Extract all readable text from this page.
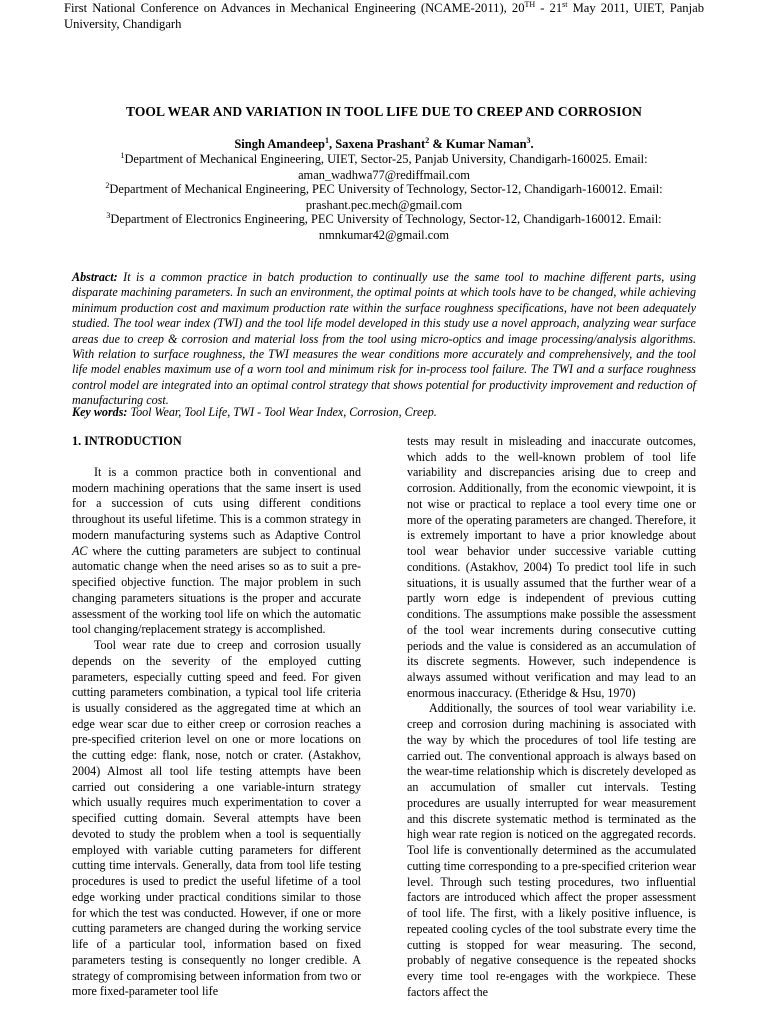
First National Conference on Advances in Mechanical Engineering (NCAME-2011), 20TH - 21st May 2011, UIET, Panjab University, Chandigarh
TOOL WEAR AND VARIATION IN TOOL LIFE DUE TO CREEP AND CORROSION
Singh Amandeep$^1$, Saxena Prashant$^2$ & Kumar Naman$^3$.
$^1$Department of Mechanical Engineering, UIET, Sector-25, Panjab University, Chandigarh-160025. Email:
aman_wadhwa77@rediffmail.com
$^2$Department of Mechanical Engineering, PEC University of Technology, Sector-12, Chandigarh-160012. Email:
prashant.pec.mech@gmail.com
$^3$Department of Electronics Engineering, PEC University of Technology, Sector-12, Chandigarh-160012. Email:
nmnkumar42@gmail.com
Abstract: It is a common practice in batch production to continually use the same tool to machine different parts, using disparate machining parameters. In such an environment, the optimal points at which tools have to be changed, while achieving minimum production cost and maximum production rate within the surface roughness specifications, have not been adequately studied. The tool wear index (TWI) and the tool life model developed in this study use a novel approach, analyzing wear surface areas due to creep & corrosion and material loss from the tool using micro-optics and image processing/analysis algorithms. With relation to surface roughness, the TWI measures the wear conditions more accurately and comprehensively, and the tool life model enables maximum use of a worn tool and minimum risk for in-process tool failure. The TWI and a surface roughness control model are integrated into an optimal control strategy that shows potential for productivity improvement and reduction of manufacturing cost.
Key words: Tool Wear, Tool Life, TWI - Tool Wear Index, Corrosion, Creep.
1. INTRODUCTION

It is a common practice both in conventional and modern machining operations that the same insert is used for a succession of cuts using different conditions throughout its useful lifetime. This is a common strategy in modern manufacturing systems such as Adaptive Control AC where the cutting parameters are subject to continual automatic change when the need arises so as to suit a pre-specified objective function. The major problem in such changing parameters situations is the proper and accurate assessment of the working tool life on which the automatic tool changing/replacement strategy is accomplished.

Tool wear rate due to creep and corrosion usually depends on the severity of the employed cutting parameters, especially cutting speed and feed. For given cutting parameters combination, a typical tool life criteria is usually considered as the aggregated time at which an edge wear scar due to either creep or corrosion reaches a pre-specified criterion level on one or more locations on the cutting edge: flank, nose, notch or crater. (Astakhov, 2004) Almost all tool life testing attempts have been carried out considering a one variable-inturn strategy which usually requires much experimentation to cover a specified cutting domain. Several attempts have been devoted to study the problem when a tool is sequentially employed with variable cutting parameters for different cutting time intervals. Generally, data from tool life testing procedures is used to predict the useful lifetime of a tool edge working under practical conditions similar to those for which the test was conducted. However, if one or more cutting parameters are changed during the working service life of a particular tool, information based on fixed parameters testing is consequently no longer credible. A strategy of compromising between information from two or more fixed-parameter tool life

tests may result in misleading and inaccurate outcomes, which adds to the well-known problem of tool life variability and discrepancies arising due to creep and corrosion. Additionally, from the economic viewpoint, it is not wise or practical to replace a tool every time one or more of the operating parameters are changed. Therefore, it is extremely important to have a prior knowledge about tool wear behavior under successive variable cutting conditions. (Astakhov, 2004) To predict tool life in such situations, it is usually assumed that the further wear of a partly worn edge is independent of previous cutting conditions. The assumptions make possible the assessment of the tool wear increments during consecutive cutting periods and the value is considered as an accumulation of its discrete segments. However, such independence is always assumed without verification and may lead to an enormous inaccuracy. (Etheridge & Hsu, 1970)

Additionally, the sources of tool wear variability i.e. creep and corrosion during machining is associated with the way by which the procedures of tool life testing are carried out. The conventional approach is always based on the wear-time relationship which is discretely developed as an accumulation of smaller cut intervals. Testing procedures are usually interrupted for wear measurement and this discrete systematic method is terminated as the high wear rate region is noticed on the aggregated records. Tool life is conventionally determined as the accumulated cutting time corresponding to a pre-specified criterion wear level. Through such testing procedures, two influential factors are introduced which affect the proper assessment of tool life. The first, with a likely positive influence, is repeated cooling cycles of the tool substrate every time the cutting is stopped for wear measuring. The second, probably of negative consequence is the repeated shocks every time tool re-engages with the workpiece. These factors affect the
